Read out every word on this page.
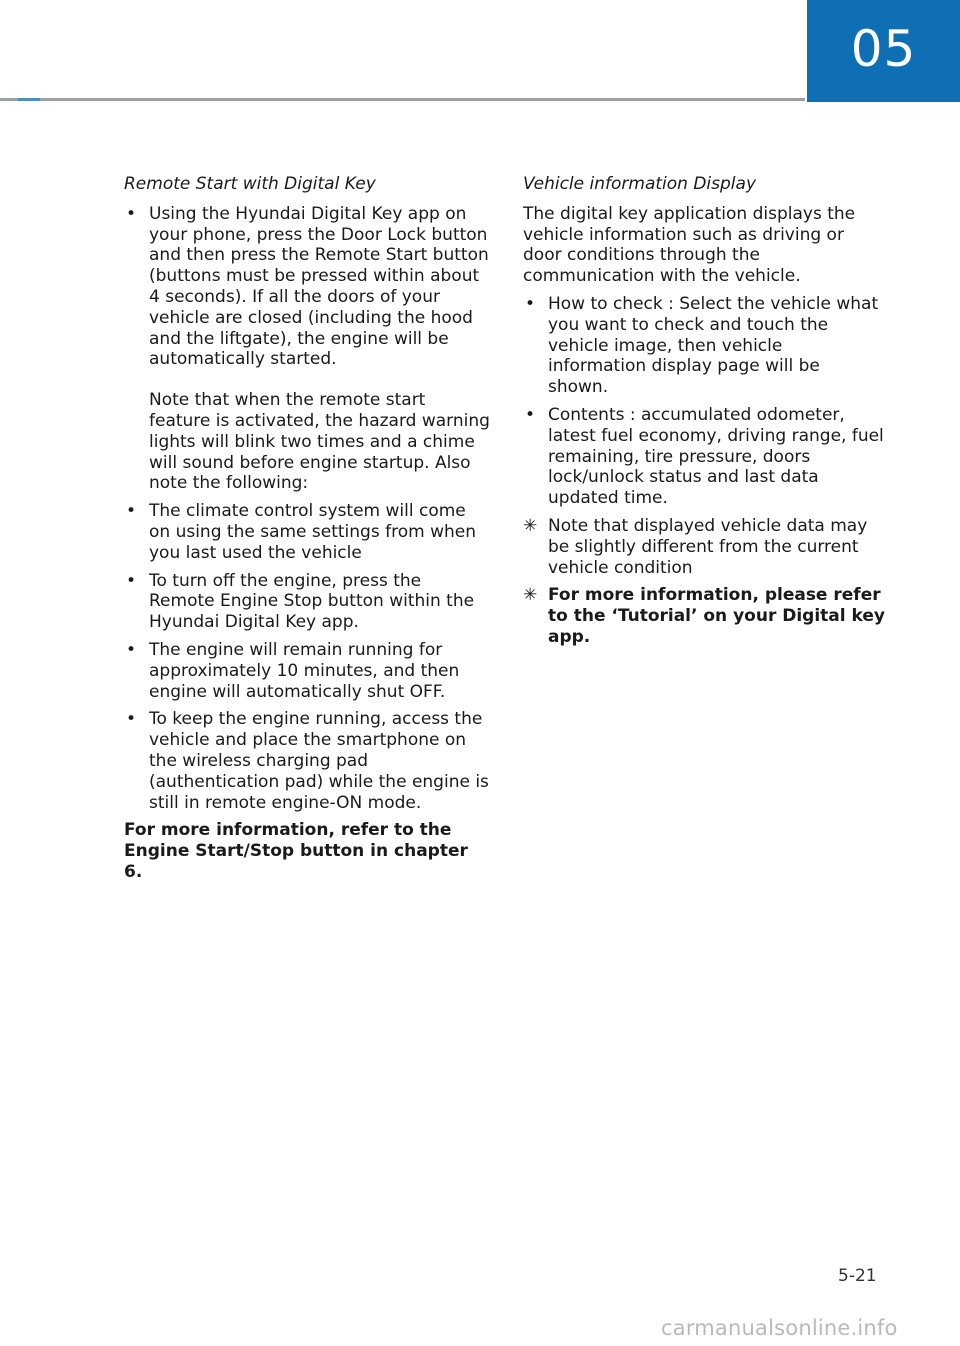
05

Remote Start with Digital Key

• Using the Hyundai Digital Key app on your phone, press the Door Lock button and then press the Remote Start button (buttons must be pressed within about 4 seconds). If all the doors of your vehicle are closed (including the hood and the liftgate), the engine will be automatically started.
Note that when the remote start feature is activated, the hazard warning lights will blink two times and a chime will sound before engine startup. Also note the following:
• The climate control system will come on using the same settings from when you last used the vehicle
• To turn off the engine, press the Remote Engine Stop button within the Hyundai Digital Key app.
• The engine will remain running for approximately 10 minutes, and then engine will automatically shut OFF.
• To keep the engine running, access the vehicle and place the smartphone on the wireless charging pad (authentication pad) while the engine is still in remote engine-ON mode.

For more information, refer to the Engine Start/Stop button in chapter 6.

Vehicle information Display

The digital key application displays the vehicle information such as driving or door conditions through the communication with the vehicle.

• How to check : Select the vehicle what you want to check and touch the vehicle image, then vehicle information display page will be shown.
• Contents : accumulated odometer, latest fuel economy, driving range, fuel remaining, tire pressure, doors lock/unlock status and last data updated time.
✳ Note that displayed vehicle data may be slightly different from the current vehicle condition
✳ For more information, please refer to the ‘Tutorial’ on your Digital key app.
5-21
carmanualsonline.info
